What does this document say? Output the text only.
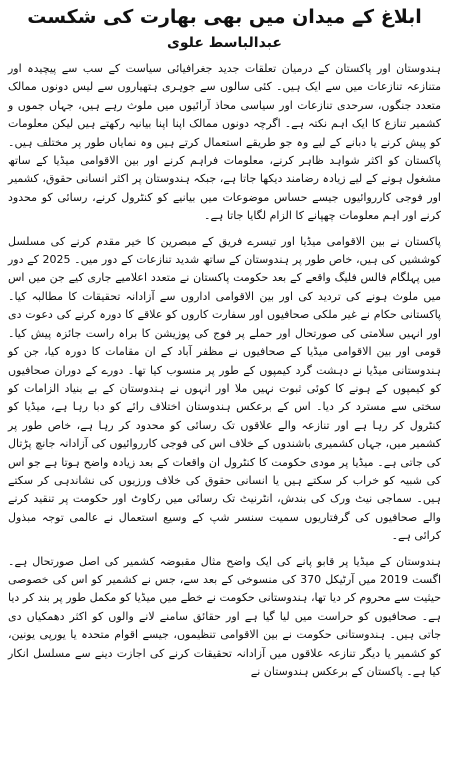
ابلاغ کے میدان میں بھی بھارت کی شکست
عبدالباسط علوی

ہندوستان اور پاکستان کے درمیان تعلقات جدید جغرافیائی سیاست کے سب سے پیچیدہ اور متنازعہ تنازعات میں سے ایک ہیں۔ کئی سالوں سے جوہری ہتھیاروں سے لیس دونوں ممالک متعدد جنگوں، سرحدی تنازعات اور سیاسی محاذ آرائیوں میں ملوث رہے ہیں، جہاں جموں و کشمیر تنازع کا ایک اہم نکتہ ہے۔ اگرچہ دونوں ممالک اپنا اپنا بیانیہ رکھتے ہیں لیکن معلومات کو پیش کرنے یا دبانے کے لیے وہ جو طریقے استعمال کرتے ہیں وہ نمایاں طور پر مختلف ہیں۔ پاکستان کو اکثر شواہد ظاہر کرنے، معلومات فراہم کرنے اور بین الاقوامی میڈیا کے ساتھ مشغول ہونے کے لیے زیادہ رضامند دیکھا جاتا ہے، جبکہ ہندوستان پر اکثر انسانی حقوق، کشمیر اور فوجی کارروائیوں جیسے حساس موضوعات میں بیانیے کو کنٹرول کرنے، رسائی کو محدود کرنے اور اہم معلومات چھپانے کا الزام لگایا جاتا ہے۔

پاکستان نے بین الاقوامی میڈیا اور تیسرے فریق کے مبصرین کا خیر مقدم کرنے کی مسلسل کوششیں کی ہیں، خاص طور پر ہندوستان کے ساتھ شدید تنازعات کے دور میں۔ 2025 کے دور میں پہلگام فالس فلیگ واقعے کے بعد حکومت پاکستان نے متعدد اعلامیے جاری کیے جن میں اس میں ملوث ہونے کی تردید کی اور بین الاقوامی اداروں سے آزادانہ تحقیقات کا مطالبہ کیا۔ پاکستانی حکام نے غیر ملکی صحافیوں اور سفارت کاروں کو علاقے کا دورہ کرنے کی دعوت دی اور انہیں سلامتی کی صورتحال اور حملے پر فوج کی پوزیشن کا براہ راست جائزہ پیش کیا۔ قومی اور بین الاقوامی میڈیا کے صحافیوں نے مظفر آباد کے ان مقامات کا دورہ کیا، جن کو ہندوستانی میڈیا نے دہشت گرد کیمپوں کے طور پر منسوب کیا تھا۔ دورے کے دوران صحافیوں کو کیمپوں کے ہونے کا کوئی ثبوت نہیں ملا اور انہوں نے ہندوستان کے بے بنیاد الزامات کو سختی سے مسترد کر دیا۔ اس کے برعکس ہندوستان اختلاف رائے کو دبا رہا ہے، میڈیا کو کنٹرول کر رہا ہے اور تنازعہ والے علاقوں تک رسائی کو محدود کر رہا ہے، خاص طور پر کشمیر میں، جہاں کشمیری باشندوں کے خلاف اس کی فوجی کارروائیوں کی آزادانہ جانچ پڑتال کی جاتی ہے۔ میڈیا پر مودی حکومت کا کنٹرول ان واقعات کے بعد زیادہ واضح ہوتا ہے جو اس کی شبیہ کو خراب کر سکتے ہیں یا انسانی حقوق کی خلاف ورزیوں کی نشاندہی کر سکتے ہیں۔ سماجی نیٹ ورک کی بندش، انٹرنیٹ تک رسائی میں رکاوٹ اور حکومت پر تنقید کرنے والے صحافیوں کی گرفتاریوں سمیت سنسر شپ کے وسیع استعمال نے عالمی توجہ مبذول کرائی ہے۔

ہندوستان کے میڈیا پر قابو پانے کی ایک واضح مثال مقبوضہ کشمیر کی اصل صورتحال ہے۔ اگست 2019 میں آرٹیکل 370 کی منسوخی کے بعد سے، جس نے کشمیر کو اس کی خصوصی حیثیت سے محروم کر دیا تھا، ہندوستانی حکومت نے خطے میں میڈیا کو مکمل طور پر بند کر دیا ہے۔ صحافیوں کو حراست میں لیا گیا ہے اور حقائق سامنے لانے والوں کو اکثر دھمکیاں دی جاتی ہیں۔ ہندوستانی حکومت نے بین الاقوامی تنظیموں، جیسے اقوام متحدہ یا یورپی یونین، کو کشمیر یا دیگر تنازعہ علاقوں میں آزادانہ تحقیقات کرنے کی اجازت دینے سے مسلسل انکار کیا ہے۔ پاکستان کے برعکس ہندوستان نے
